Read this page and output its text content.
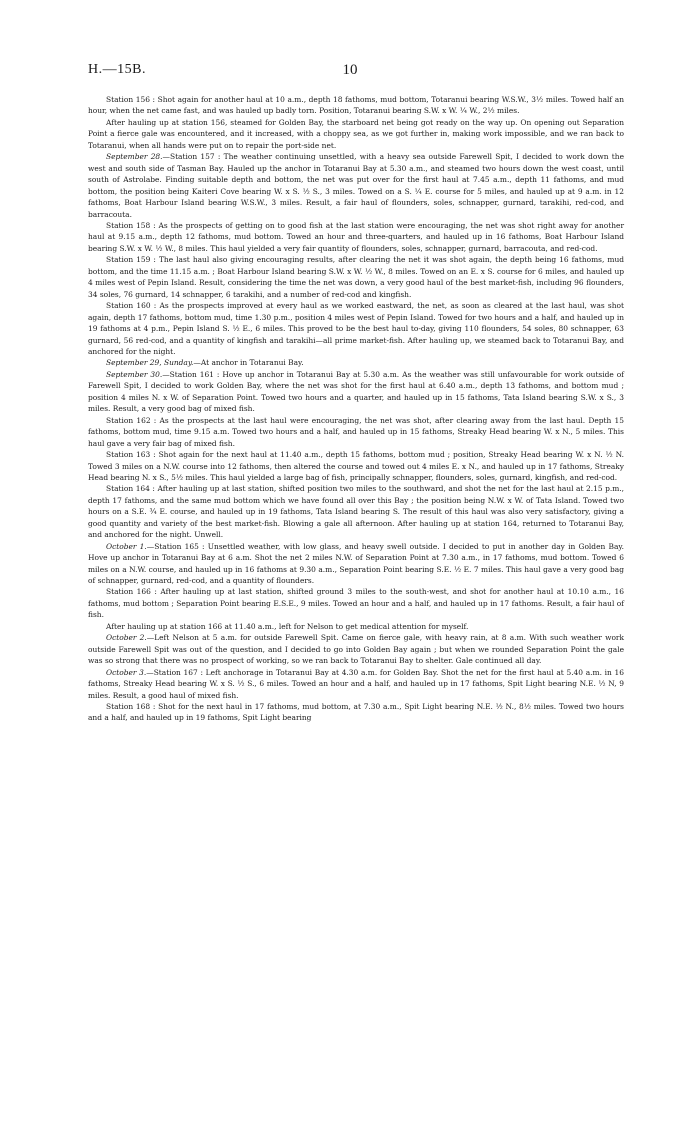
H.—15B.	10

Station 156 : Shot again for another haul at 10 a.m., depth 18 fathoms, mud bottom, Totaranui bearing W.S.W., 3½ miles. Towed half an hour, when the net came fast, and was hauled up badly torn. Position, Totaranui bearing S.W. x W. ¼ W., 2½ miles.

After hauling up at station 156, steamed for Golden Bay, the starboard net being got ready on the way up. On opening out Separation Point a fierce gale was encountered, and it increased, with a choppy sea, as we got further in, making work impossible, and we ran back to Totaranui, when all hands were put on to repair the port-side net.

September 28.—Station 157 : The weather continuing unsettled, with a heavy sea outside Farewell Spit, I decided to work down the west and south side of Tasman Bay. Hauled up the anchor in Totaranui Bay at 5.30 a.m., and steamed two hours down the west coast, until south of Astrolabe. Finding suitable depth and bottom, the net was put over for the first haul at 7.45 a.m., depth 11 fathoms, and mud bottom, the position being Kaiteri Cove bearing W. x S. ½ S., 3 miles. Towed on a S. ¼ E. course for 5 miles, and hauled up at 9 a.m. in 12 fathoms, Boat Harbour Island bearing W.S.W., 3 miles. Result, a fair haul of flounders, soles, schnapper, gurnard, tarakihi, red-cod, and barracouta.

Station 158 : As the prospects of getting on to good fish at the last station were encouraging, the net was shot right away for another haul at 9.15 a.m., depth 12 fathoms, mud bottom. Towed an hour and three-quarters, and hauled up in 16 fathoms, Boat Harbour Island bearing S.W. x W. ½ W., 8 miles. This haul yielded a very fair quantity of flounders, soles, schnapper, gurnard, barracouta, and red-cod.

Station 159 : The last haul also giving encouraging results, after clearing the net it was shot again, the depth being 16 fathoms, mud bottom, and the time 11.15 a.m. ; Boat Harbour Island bearing S.W. x W. ½ W., 8 miles. Towed on an E. x S. course for 6 miles, and hauled up 4 miles west of Pepin Island. Result, considering the time the net was down, a very good haul of the best market-fish, including 96 flounders, 34 soles, 76 gurnard, 14 schnapper, 6 tarakihi, and a number of red-cod and kingfish.

Station 160 : As the prospects improved at every haul as we worked eastward, the net, as soon as cleared at the last haul, was shot again, depth 17 fathoms, bottom mud, time 1.30 p.m., position 4 miles west of Pepin Island. Towed for two hours and a half, and hauled up in 19 fathoms at 4 p.m., Pepin Island S. ½ E., 6 miles. This proved to be the best haul to-day, giving 110 flounders, 54 soles, 80 schnapper, 63 gurnard, 56 red-cod, and a quantity of kingfish and tarakihi—all prime market-fish. After hauling up, we steamed back to Totaranui Bay, and anchored for the night.

September 29, Sunday.—At anchor in Totaranui Bay.

September 30.—Station 161 : Hove up anchor in Totaranui Bay at 5.30 a.m. As the weather was still unfavourable for work outside of Farewell Spit, I decided to work Golden Bay, where the net was shot for the first haul at 6.40 a.m., depth 13 fathoms, and bottom mud ; position 4 miles N. x W. of Separation Point. Towed two hours and a quarter, and hauled up in 15 fathoms, Tata Island bearing S.W. x S., 3 miles. Result, a very good bag of mixed fish.

Station 162 : As the prospects at the last haul were encouraging, the net was shot, after clearing away from the last haul. Depth 15 fathoms, bottom mud, time 9.15 a.m. Towed two hours and a half, and hauled up in 15 fathoms, Streaky Head bearing W. x N., 5 miles. This haul gave a very fair bag of mixed fish.

Station 163 : Shot again for the next haul at 11.40 a.m., depth 15 fathoms, bottom mud ; position, Streaky Head bearing W. x N. ½ N. Towed 3 miles on a N.W. course into 12 fathoms, then altered the course and towed out 4 miles E. x N., and hauled up in 17 fathoms, Streaky Head bearing N. x S., 5½ miles. This haul yielded a large bag of fish, principally schnapper, flounders, soles, gurnard, kingfish, and red-cod.

Station 164 : After hauling up at last station, shifted position two miles to the southward, and shot the net for the last haul at 2.15 p.m., depth 17 fathoms, and the same mud bottom which we have found all over this Bay ; the position being N.W. x W. of Tata Island. Towed two hours on a S.E. ¾ E. course, and hauled up in 19 fathoms, Tata Island bearing S. The result of this haul was also very satisfactory, giving a good quantity and variety of the best market-fish. Blowing a gale all afternoon. After hauling up at station 164, returned to Totaranui Bay, and anchored for the night. Unwell.

October 1.—Station 165 : Unsettled weather, with low glass, and heavy swell outside. I decided to put in another day in Golden Bay. Hove up anchor in Totaranui Bay at 6 a.m. Shot the net 2 miles N.W. of Separation Point at 7.30 a.m., in 17 fathoms, mud bottom. Towed 6 miles on a N.W. course, and hauled up in 16 fathoms at 9.30 a.m., Separation Point bearing S.E. ½ E. 7 miles. This haul gave a very good bag of schnapper, gurnard, red-cod, and a quantity of flounders.

Station 166 : After hauling up at last station, shifted ground 3 miles to the south-west, and shot for another haul at 10.10 a.m., 16 fathoms, mud bottom ; Separation Point bearing E.S.E., 9 miles. Towed an hour and a half, and hauled up in 17 fathoms. Result, a fair haul of fish.

After hauling up at station 166 at 11.40 a.m., left for Nelson to get medical attention for myself.

October 2.—Left Nelson at 5 a.m. for outside Farewell Spit. Came on fierce gale, with heavy rain, at 8 a.m. With such weather work outside Farewell Spit was out of the question, and I decided to go into Golden Bay again ; but when we rounded Separation Point the gale was so strong that there was no prospect of working, so we ran back to Totaranui Bay to shelter. Gale continued all day.

October 3.—Station 167 : Left anchorage in Totaranui Bay at 4.30 a.m. for Golden Bay. Shot the net for the first haul at 5.40 a.m. in 16 fathoms, Streaky Head bearing W. x S. ½ S., 6 miles. Towed an hour and a half, and hauled up in 17 fathoms, Spit Light bearing N.E. ½ N, 9 miles. Result, a good haul of mixed fish.

Station 168 : Shot for the next haul in 17 fathoms, mud bottom, at 7.30 a.m., Spit Light bearing N.E. ½ N., 8½ miles. Towed two hours and a half, and hauled up in 19 fathoms, Spit Light bearing
